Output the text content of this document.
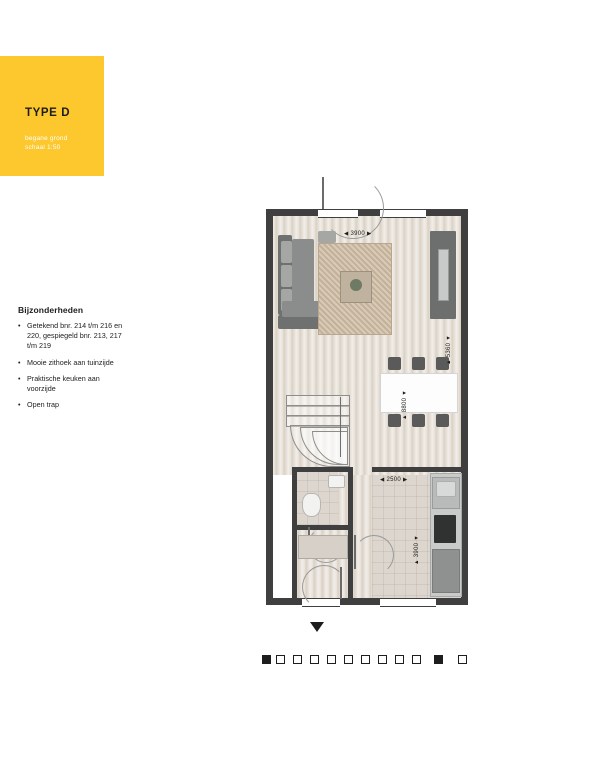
TYPE D
begane grond
schaal 1:50
Bijzonderheden
• Getekend bnr. 214 t/m 216 en 220, gespiegeld bnr. 213, 217 t/m 219
• Mooie zithoek aan tuinzijde
• Praktische keuken aan voorzijde
• Open trap
◀ 3900 ▶
▲ 5360 ▼
▲ 8800 ▼
◀ 2500 ▶
▲ 3900 ▼
